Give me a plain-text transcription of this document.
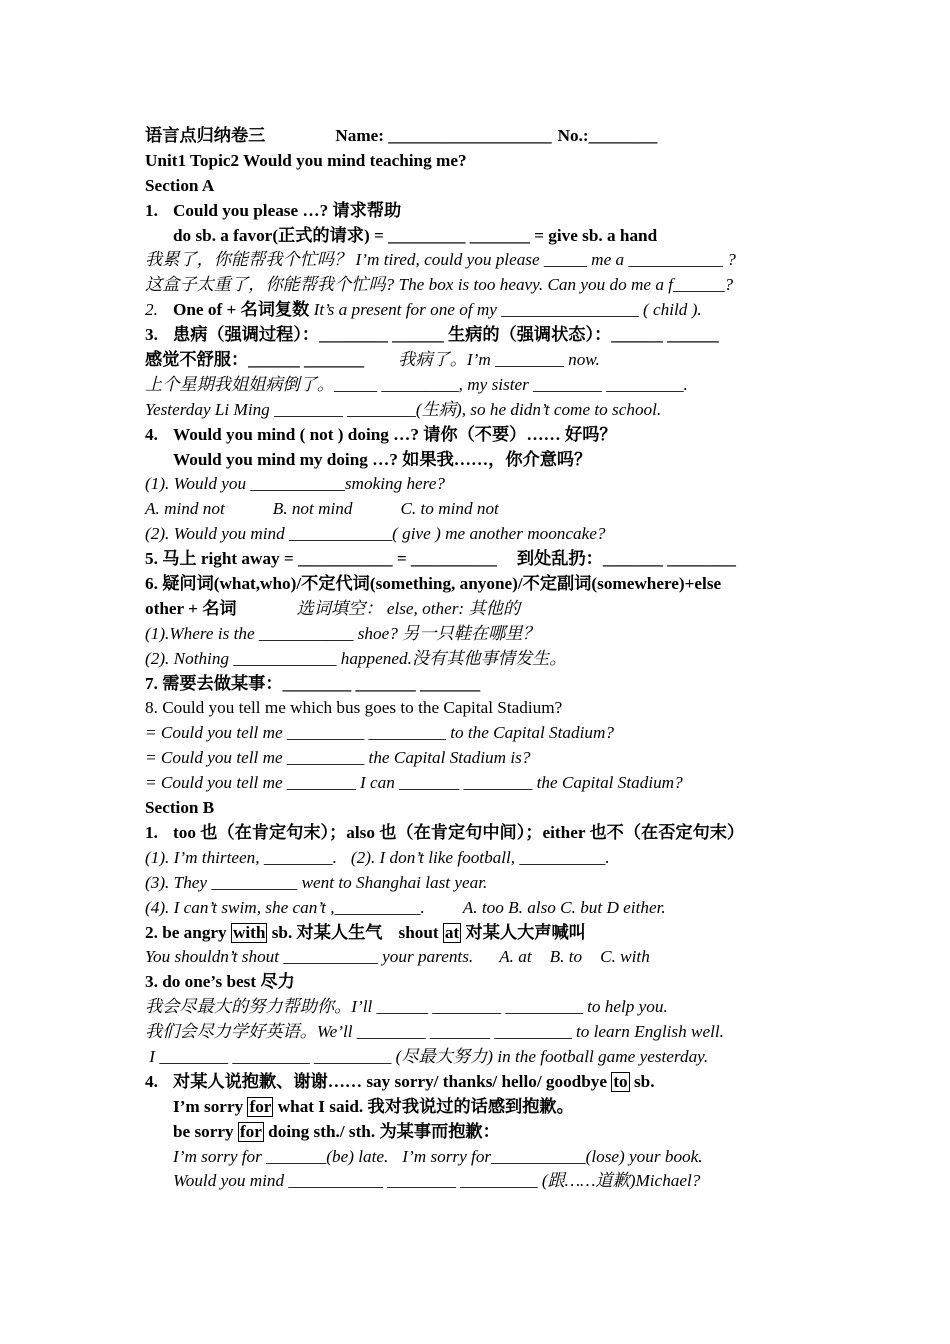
语言点归纳卷三	Name: ___________________ No.:________
Unit1 Topic2 Would you mind teaching me?
Section A
1. Could you please …? 请求帮助
do sb. a favor(正式的请求) = _________ _______ = give sb. a hand
我累了，你能帮我个忙吗？ I’m tired, could you please _____ me a ___________ ?
这盒子太重了，你能帮我个忙吗? The box is too heavy. Can you do me a f______?
2. One of + 名词复数 It’s a present for one of my ________________ ( child ).
3. 患病（强调过程）：________ ______ 生病的（强调状态）：______ ______
感觉不舒服：______ _______ 我病了。I’m ________ now.
上个星期我姐姐病倒了。_____ _________, my sister ________ _________.
Yesterday Li Ming ________ ________(生病), so he didn’t come to school.
4. Would you mind ( not ) doing …? 请你（不要）…… 好吗？
Would you mind my doing …? 如果我……，你介意吗？
(1). Would you ___________smoking here?
A. mind not	B. not mind	C. to mind not
(2). Would you mind ____________( give ) me another mooncake?
5. 马上 right away = ___________ = __________ 到处乱扔：_______ ________
6. 疑问词(what,who)/不定代词(something, anyone)/不定副词(somewhere)+else
other + 名词	选词填空： else, other: 其他的
(1).Where is the ___________ shoe? 另一只鞋在哪里？
(2). Nothing ____________ happened.没有其他事情发生。
7. 需要去做某事：________ _______ _______
8. Could you tell me which bus goes to the Capital Stadium?
= Could you tell me _________ _________ to the Capital Stadium?
= Could you tell me _________ the Capital Stadium is?
= Could you tell me ________ I can _______ ________ the Capital Stadium?
Section B
1. too 也（在肯定句末）；also 也（在肯定句中间）；either 也不（在否定句末）
(1). I’m thirteen, ________. (2). I don’t like football, __________.
(3). They __________ went to Shanghai last year.
(4). I can’t swim, she can’t ,__________. A. too B. also C. but D either.
2. be angry with sb. 对某人生气 shout at 对某人大声喊叫
You shouldn’t shout ___________ your parents. A. at B. to C. with
3. do one’s best 尽力
我会尽最大的努力帮助你。I’ll ______ ________ _________ to help you.
我们会尽力学好英语。We’ll ________ _______ _________ to learn English well.
I ________ _________ _________ (尽最大努力) in the football game yesterday.
4. 对某人说抱歉、谢谢…… say sorry/ thanks/ hello/ goodbye to sb.
I’m sorry for what I said. 我对我说过的话感到抱歉。
be sorry for doing sth./ sth. 为某事而抱歉：
I’m sorry for _______(be) late. I’m sorry for___________(lose) your book.
Would you mind ___________ ________ _________ (跟……道歉)Michael?
